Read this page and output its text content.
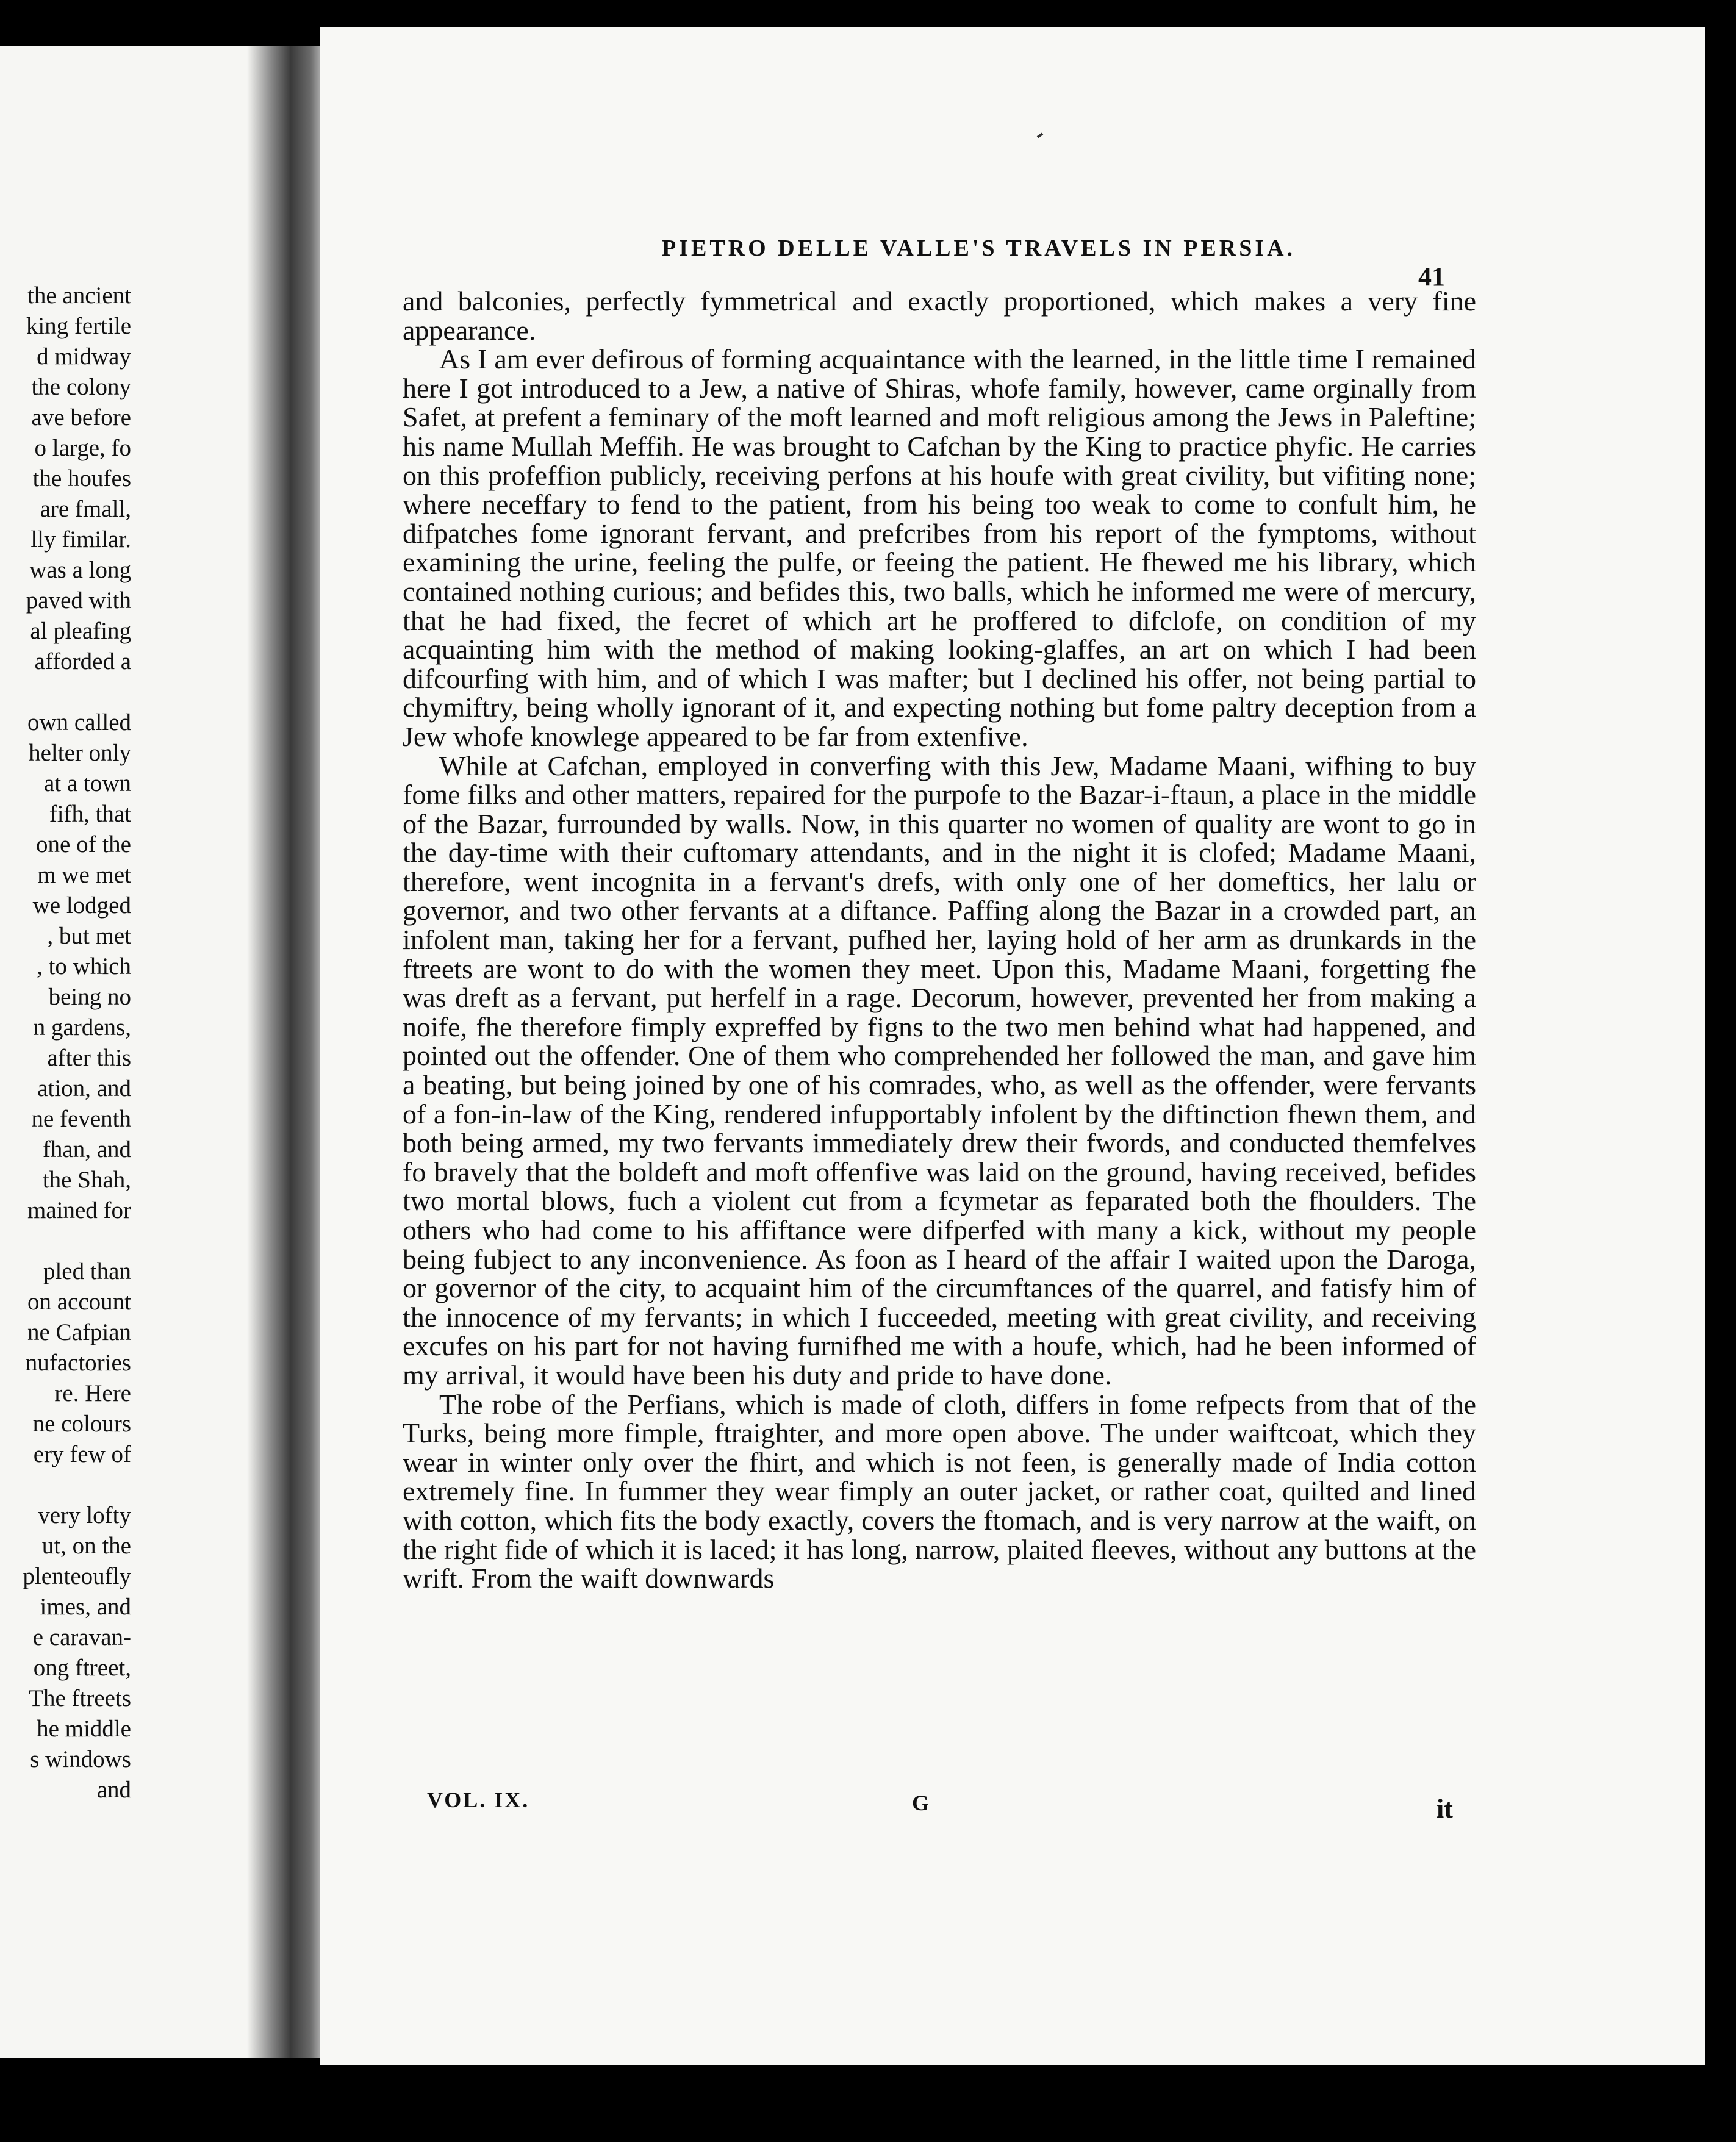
the ancient
king fertile
d midway
the colony
ave before
o large, fo
the houfes
are fmall,
lly fimilar.
was a long
paved with
al pleafing
afforded a
own called
helter only
at a town
fifh, that
one of the
m we met
we lodged
, but met
, to which
being no
n gardens,
after this
ation, and
ne feventh
fhan, and
the Shah,
mained for
pled than
on account
ne Cafpian
nufactories
re. Here
ne colours
ery few of
very lofty
ut, on the
plenteoufly
imes, and
e caravan-
ong ftreet,
The ftreets
he middle
s windows
and
PIETRO DELLE VALLE'S TRAVELS IN PERSIA.
41

and balconies, perfectly fymmetrical and exactly proportioned, which makes a very fine appearance.

As I am ever defirous of forming acquaintance with the learned, in the little time I remained here I got introduced to a Jew, a native of Shiras, whofe family, however, came orginally from Safet, at prefent a feminary of the moft learned and moft religious among the Jews in Paleftine; his name Mullah Meffih. He was brought to Cafchan by the King to practice phyfic. He carries on this profeffion publicly, receiving perfons at his houfe with great civility, but vifiting none; where neceffary to fend to the patient, from his being too weak to come to confult him, he difpatches fome ignorant fervant, and prefcribes from his report of the fymptoms, without examining the urine, feeling the pulfe, or feeing the patient. He fhewed me his library, which contained nothing curious; and befides this, two balls, which he informed me were of mercury, that he had fixed, the fecret of which art he proffered to difclofe, on condition of my acquainting him with the method of making looking-glaffes, an art on which I had been difcourfing with him, and of which I was mafter; but I declined his offer, not being partial to chymiftry, being wholly ignorant of it, and expecting nothing but fome paltry deception from a Jew whofe knowlege appeared to be far from extenfive.

While at Cafchan, employed in converfing with this Jew, Madame Maani, wifhing to buy fome filks and other matters, repaired for the purpofe to the Bazar-i-ftaun, a place in the middle of the Bazar, furrounded by walls. Now, in this quarter no women of quality are wont to go in the day-time with their cuftomary attendants, and in the night it is clofed; Madame Maani, therefore, went incognita in a fervant's drefs, with only one of her domeftics, her lalu or governor, and two other fervants at a diftance. Paffing along the Bazar in a crowded part, an infolent man, taking her for a fervant, pufhed her, laying hold of her arm as drunkards in the ftreets are wont to do with the women they meet. Upon this, Madame Maani, forgetting fhe was dreft as a fervant, put herfelf in a rage. Decorum, however, prevented her from making a noife, fhe therefore fimply expreffed by figns to the two men behind what had happened, and pointed out the offender. One of them who comprehended her followed the man, and gave him a beating, but being joined by one of his comrades, who, as well as the offender, were fervants of a fon-in-law of the King, rendered infupportably infolent by the diftinction fhewn them, and both being armed, my two fervants immediately drew their fwords, and conducted themfelves fo bravely that the boldeft and moft offenfive was laid on the ground, having received, befides two mortal blows, fuch a violent cut from a fcymetar as feparated both the fhoulders. The others who had come to his affiftance were difperfed with many a kick, without my people being fubject to any inconvenience. As foon as I heard of the affair I waited upon the Daroga, or governor of the city, to acquaint him of the circumftances of the quarrel, and fatisfy him of the innocence of my fervants; in which I fucceeded, meeting with great civility, and receiving excufes on his part for not having furnifhed me with a houfe, which, had he been informed of my arrival, it would have been his duty and pride to have done.

The robe of the Perfians, which is made of cloth, differs in fome refpects from that of the Turks, being more fimple, ftraighter, and more open above. The under waiftcoat, which they wear in winter only over the fhirt, and which is not feen, is generally made of India cotton extremely fine. In fummer they wear fimply an outer jacket, or rather coat, quilted and lined with cotton, which fits the body exactly, covers the ftomach, and is very narrow at the waift, on the right fide of which it is laced; it has long, narrow, plaited fleeves, without any buttons at the wrift. From the waift downwards

VOL. IX.	G	it
